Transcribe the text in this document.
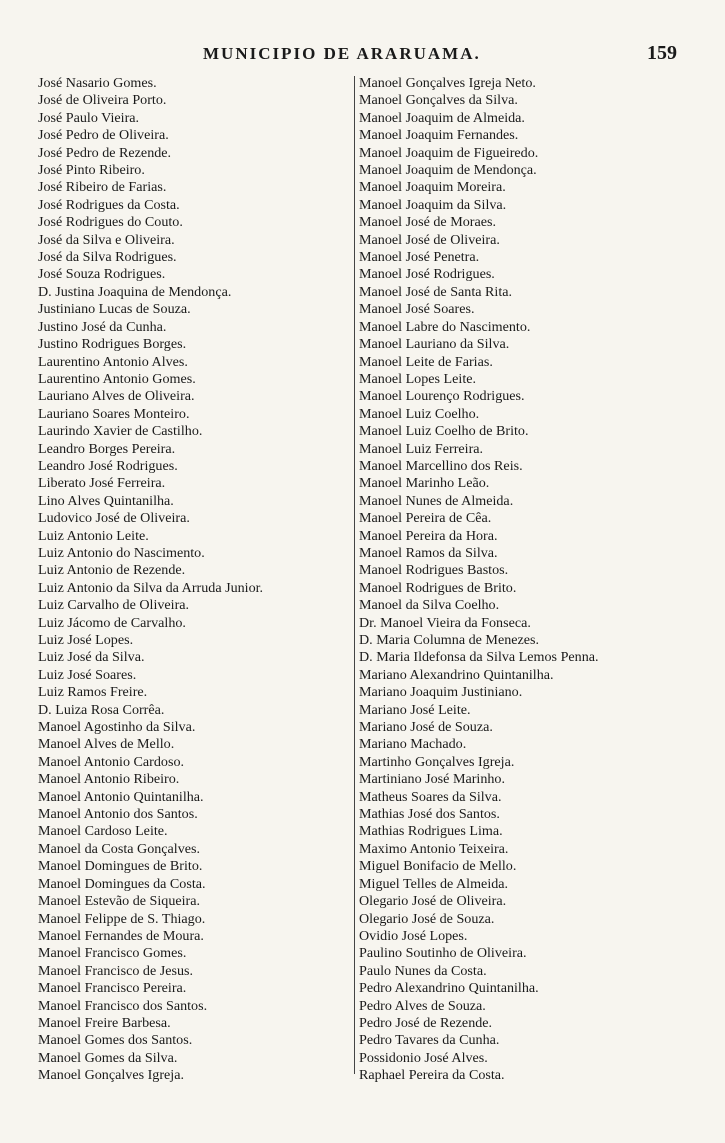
MUNICIPIO DE ARARUAMA.	159
José Nasario Gomes.
José de Oliveira Porto.
José Paulo Vieira.
José Pedro de Oliveira.
José Pedro de Rezende.
José Pinto Ribeiro.
José Ribeiro de Farias.
José Rodrigues da Costa.
José Rodrigues do Couto.
José da Silva e Oliveira.
José da Silva Rodrigues.
José Souza Rodrigues.
D. Justina Joaquina de Mendonça.
Justiniano Lucas de Souza.
Justino José da Cunha.
Justino Rodrigues Borges.
Laurentino Antonio Alves.
Laurentino Antonio Gomes.
Lauriano Alves de Oliveira.
Lauriano Soares Monteiro.
Laurindo Xavier de Castilho.
Leandro Borges Pereira.
Leandro José Rodrigues.
Liberato José Ferreira.
Lino Alves Quintanilha.
Ludovico José de Oliveira.
Luiz Antonio Leite.
Luiz Antonio do Nascimento.
Luiz Antonio de Rezende.
Luiz Antonio da Silva da Arruda Junior.
Luiz Carvalho de Oliveira.
Luiz Jácomo de Carvalho.
Luiz José Lopes.
Luiz José da Silva.
Luiz José Soares.
Luiz Ramos Freire.
D. Luiza Rosa Corrêa.
Manoel Agostinho da Silva.
Manoel Alves de Mello.
Manoel Antonio Cardoso.
Manoel Antonio Ribeiro.
Manoel Antonio Quintanilha.
Manoel Antonio dos Santos.
Manoel Cardoso Leite.
Manoel da Costa Gonçalves.
Manoel Domingues de Brito.
Manoel Domingues da Costa.
Manoel Estevão de Siqueira.
Manoel Felippe de S. Thiago.
Manoel Fernandes de Moura.
Manoel Francisco Gomes.
Manoel Francisco de Jesus.
Manoel Francisco Pereira.
Manoel Francisco dos Santos.
Manoel Freire Barbesa.
Manoel Gomes dos Santos.
Manoel Gomes da Silva.
Manoel Gonçalves Igreja.
Manoel Gonçalves Igreja Neto.
Manoel Gonçalves da Silva.
Manoel Joaquim de Almeida.
Manoel Joaquim Fernandes.
Manoel Joaquim de Figueiredo.
Manoel Joaquim de Mendonça.
Manoel Joaquim Moreira.
Manoel Joaquim da Silva.
Manoel José de Moraes.
Manoel José de Oliveira.
Manoel José Penetra.
Manoel José Rodrigues.
Manoel José de Santa Rita.
Manoel José Soares.
Manoel Labre do Nascimento.
Manoel Lauriano da Silva.
Manoel Leite de Farias.
Manoel Lopes Leite.
Manoel Lourenço Rodrigues.
Manoel Luiz Coelho.
Manoel Luiz Coelho de Brito.
Manoel Luiz Ferreira.
Manoel Marcellino dos Reis.
Manoel Marinho Leão.
Manoel Nunes de Almeida.
Manoel Pereira de Cêa.
Manoel Pereira da Hora.
Manoel Ramos da Silva.
Manoel Rodrigues Bastos.
Manoel Rodrigues de Brito.
Manoel da Silva Coelho.
Dr. Manoel Vieira da Fonseca.
D. Maria Columna de Menezes.
D. Maria Ildefonsa da Silva Lemos Penna.
Mariano Alexandrino Quintanilha.
Mariano Joaquim Justiniano.
Mariano José Leite.
Mariano José de Souza.
Mariano Machado.
Martinho Gonçalves Igreja.
Martiniano José Marinho.
Matheus Soares da Silva.
Mathias José dos Santos.
Mathias Rodrigues Lima.
Maximo Antonio Teixeira.
Miguel Bonifacio de Mello.
Miguel Telles de Almeida.
Olegario José de Oliveira.
Olegario José de Souza.
Ovidio José Lopes.
Paulino Soutinho de Oliveira.
Paulo Nunes da Costa.
Pedro Alexandrino Quintanilha.
Pedro Alves de Souza.
Pedro José de Rezende.
Pedro Tavares da Cunha.
Possidonio José Alves.
Raphael Pereira da Costa.
